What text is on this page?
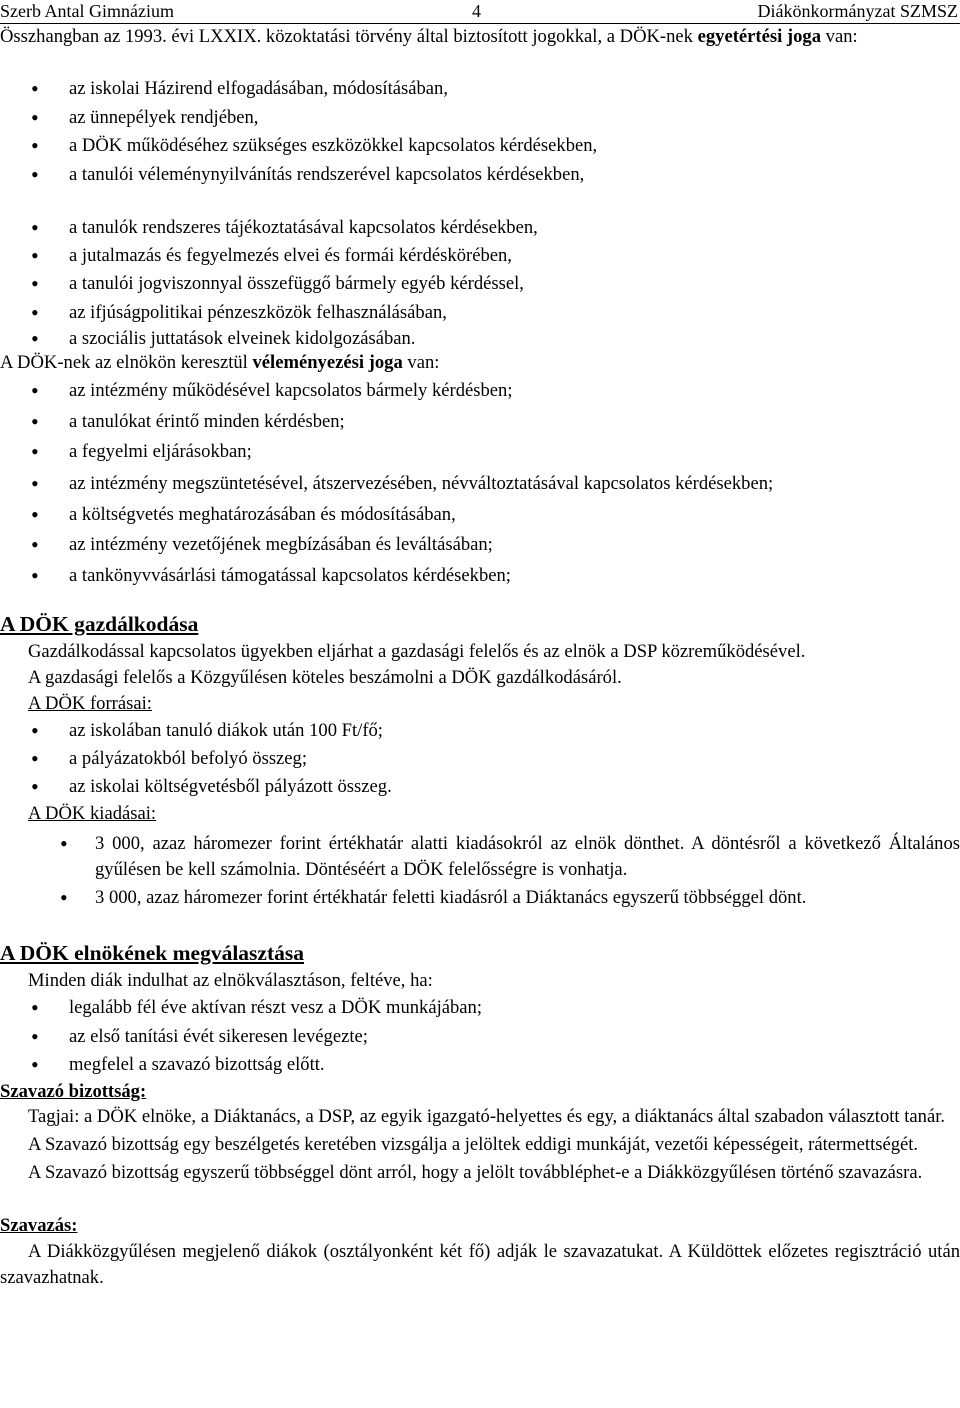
Szerb Antal Gimnázium	4	Diákönkormányzat SZMSZ

Összhangban az 1993. évi LXXIX. közoktatási törvény által biztosított jogokkal, a DÖK-nek egyetértési joga van:

• az iskolai Házirend elfogadásában, módosításában,
• az ünnepélyek rendjében,
• a DÖK működéséhez szükséges eszközökkel kapcsolatos kérdésekben,
• a tanulói véleménynyilvánítás rendszerével kapcsolatos kérdésekben,
• a tanulók rendszeres tájékoztatásával kapcsolatos kérdésekben,
• a jutalmazás és fegyelmezés elvei és formái kérdéskörében,
• a tanulói jogviszonnyal összefüggő bármely egyéb kérdéssel,
• az ifjúságpolitikai pénzeszközök felhasználásában,
• a szociális juttatások elveinek kidolgozásában.

A DÖK-nek az elnökön keresztül véleményezési joga van:

• az intézmény működésével kapcsolatos bármely kérdésben;
• a tanulókat érintő minden kérdésben;
• a fegyelmi eljárásokban;
• az intézmény megszüntetésével, átszervezésében, névváltoztatásával kapcsolatos kérdésekben;
• a költségvetés meghatározásában és módosításában,
• az intézmény vezetőjének megbízásában és leváltásában;
• a tankönyvvásárlási támogatással kapcsolatos kérdésekben;
A DÖK gazdálkodása

Gazdálkodással kapcsolatos ügyekben eljárhat a gazdasági felelős és az elnök a DSP közreműködésével.

A gazdasági felelős a Közgyűlésen köteles beszámolni a DÖK gazdálkodásáról.

A DÖK forrásai:

• az iskolában tanuló diákok után 100 Ft/fő;
• a pályázatokból befolyó összeg;
• az iskolai költségvetésből pályázott összeg.

A DÖK kiadásai:

• 3 000, azaz háromezer forint értékhatár alatti kiadásokról az elnök dönthet. A döntésről a következő Általános gyűlésen be kell számolnia. Döntéséért a DÖK felelősségre is vonhatja.
• 3 000, azaz háromezer forint értékhatár feletti kiadásról a Diáktanács egyszerű többséggel dönt.
A DÖK elnökének megválasztása

Minden diák indulhat az elnökválasztáson, feltéve, ha:

• legalább fél éve aktívan részt vesz a DÖK munkájában;
• az első tanítási évét sikeresen levégezte;
• megfelel a szavazó bizottság előtt.

Szavazó bizottság:

Tagjai: a DÖK elnöke, a Diáktanács, a DSP, az egyik igazgató-helyettes és egy, a diáktanács által szabadon választott tanár.

A Szavazó bizottság egy beszélgetés keretében vizsgálja a jelöltek eddigi munkáját, vezetői képességeit, rátermettségét.

A Szavazó bizottság egyszerű többséggel dönt arról, hogy a jelölt továbbléphet-e a Diákközgyűlésen történő szavazásra.

Szavazás:

A Diákközgyűlésen megjelenő diákok (osztályonként két fő) adják le szavazatukat. A Küldöttek előzetes regisztráció után szavazhatnak.
